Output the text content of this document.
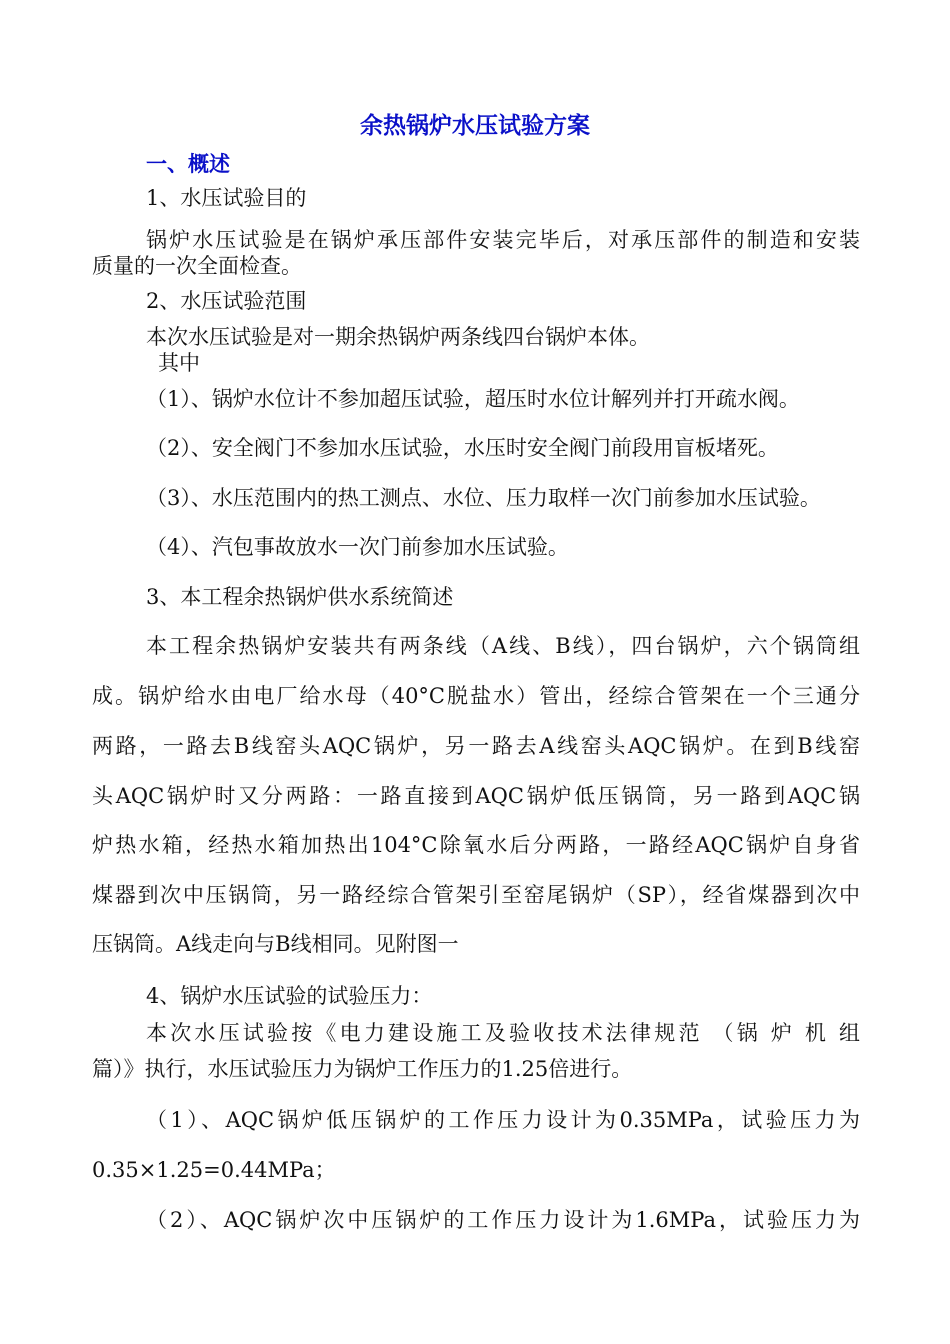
余热锅炉水压试验方案

一、概述

1、水压试验目的

锅炉水压试验是在锅炉承压部件安装完毕后，对承压部件的制造和安装

质量的一次全面检查。

2、水压试验范围

本次水压试验是对一期余热锅炉两条线四台锅炉本体。

其中

（1）、锅炉水位计不参加超压试验，超压时水位计解列并打开疏水阀。

（2）、安全阀门不参加水压试验，水压时安全阀门前段用盲板堵死。

（3）、水压范围内的热工测点、水位、压力取样一次门前参加水压试验。

（4）、汽包事故放水一次门前参加水压试验。

3、本工程余热锅炉供水系统简述

本工程余热锅炉安装共有两条线（A线、B线），四台锅炉，六个锅筒组

成。锅炉给水由电厂给水母（40°C脱盐水）管出，经综合管架在一个三通分

两路，一路去B线窑头AQC锅炉，另一路去A线窑头AQC锅炉。在到B线窑

头AQC锅炉时又分两路：一路直接到AQC锅炉低压锅筒，另一路到AQC锅

炉热水箱，经热水箱加热出104°C除氧水后分两路，一路经AQC锅炉自身省

煤器到次中压锅筒，另一路经综合管架引至窑尾锅炉（SP），经省煤器到次中

压锅筒。A线走向与B线相同。见附图一

4、锅炉水压试验的试验压力：

本次水压试验按《电力建设施工及验收技术法律规范 （锅 炉 机 组

篇）》执行，水压试验压力为锅炉工作压力的1.25倍进行。

（1）、AQC锅炉低压锅炉的工作压力设计为0.35MPa，试验压力为

0.35×1.25=0.44MPa；

（2）、AQC锅炉次中压锅炉的工作压力设计为1.6MPa，试验压力为
